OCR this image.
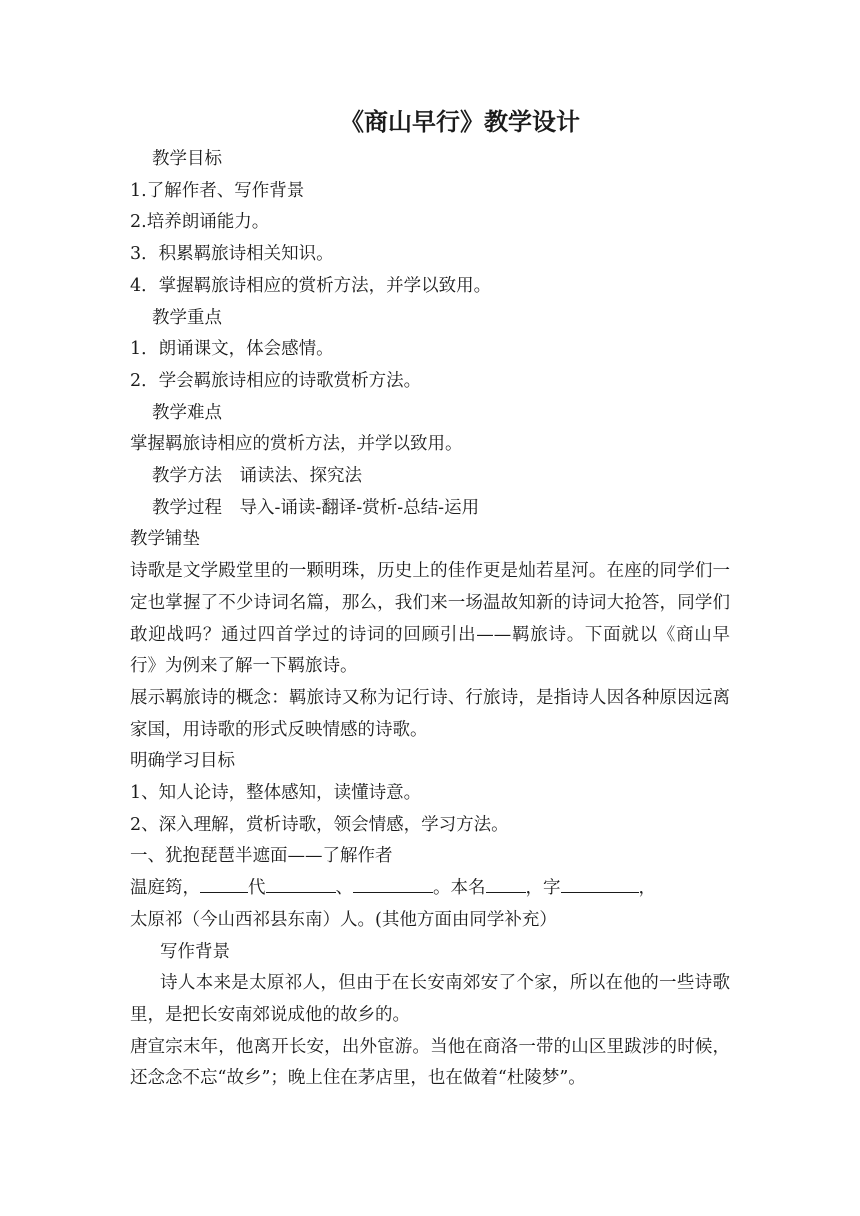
《商山早行》教学设计

教学目标

1.了解作者、写作背景

2.培养朗诵能力。

3．积累羁旅诗相关知识。

4．掌握羁旅诗相应的赏析方法，并学以致用。

教学重点

1．朗诵课文，体会感情。

2．学会羁旅诗相应的诗歌赏析方法。

教学难点

掌握羁旅诗相应的赏析方法，并学以致用。

教学方法　诵读法、探究法

教学过程　导入-诵读-翻译-赏析-总结-运用

教学铺垫

诗歌是文学殿堂里的一颗明珠，历史上的佳作更是灿若星河。在座的同学们一定也掌握了不少诗词名篇，那么，我们来一场温故知新的诗词大抢答，同学们敢迎战吗？通过四首学过的诗词的回顾引出——羁旅诗。下面就以《商山早行》为例来了解一下羁旅诗。

展示羁旅诗的概念：羁旅诗又称为记行诗、行旅诗，是指诗人因各种原因远离家国，用诗歌的形式反映情感的诗歌。

明确学习目标

1、知人论诗，整体感知，读懂诗意。

2、深入理解，赏析诗歌，领会情感，学习方法。

一、犹抱琵琶半遮面——了解作者

温庭筠，	代	、	。本名 ，字	，

太原祁（今山西祁县东南）人。(其他方面由同学补充）

写作背景

诗人本来是太原祁人，但由于在长安南郊安了个家，所以在他的一些诗歌里，是把长安南郊说成他的故乡的。

唐宣宗末年，他离开长安，出外宦游。当他在商洛一带的山区里跋涉的时候，还念念不忘“故乡”；晚上住在茅店里，也在做着“杜陵梦”。
